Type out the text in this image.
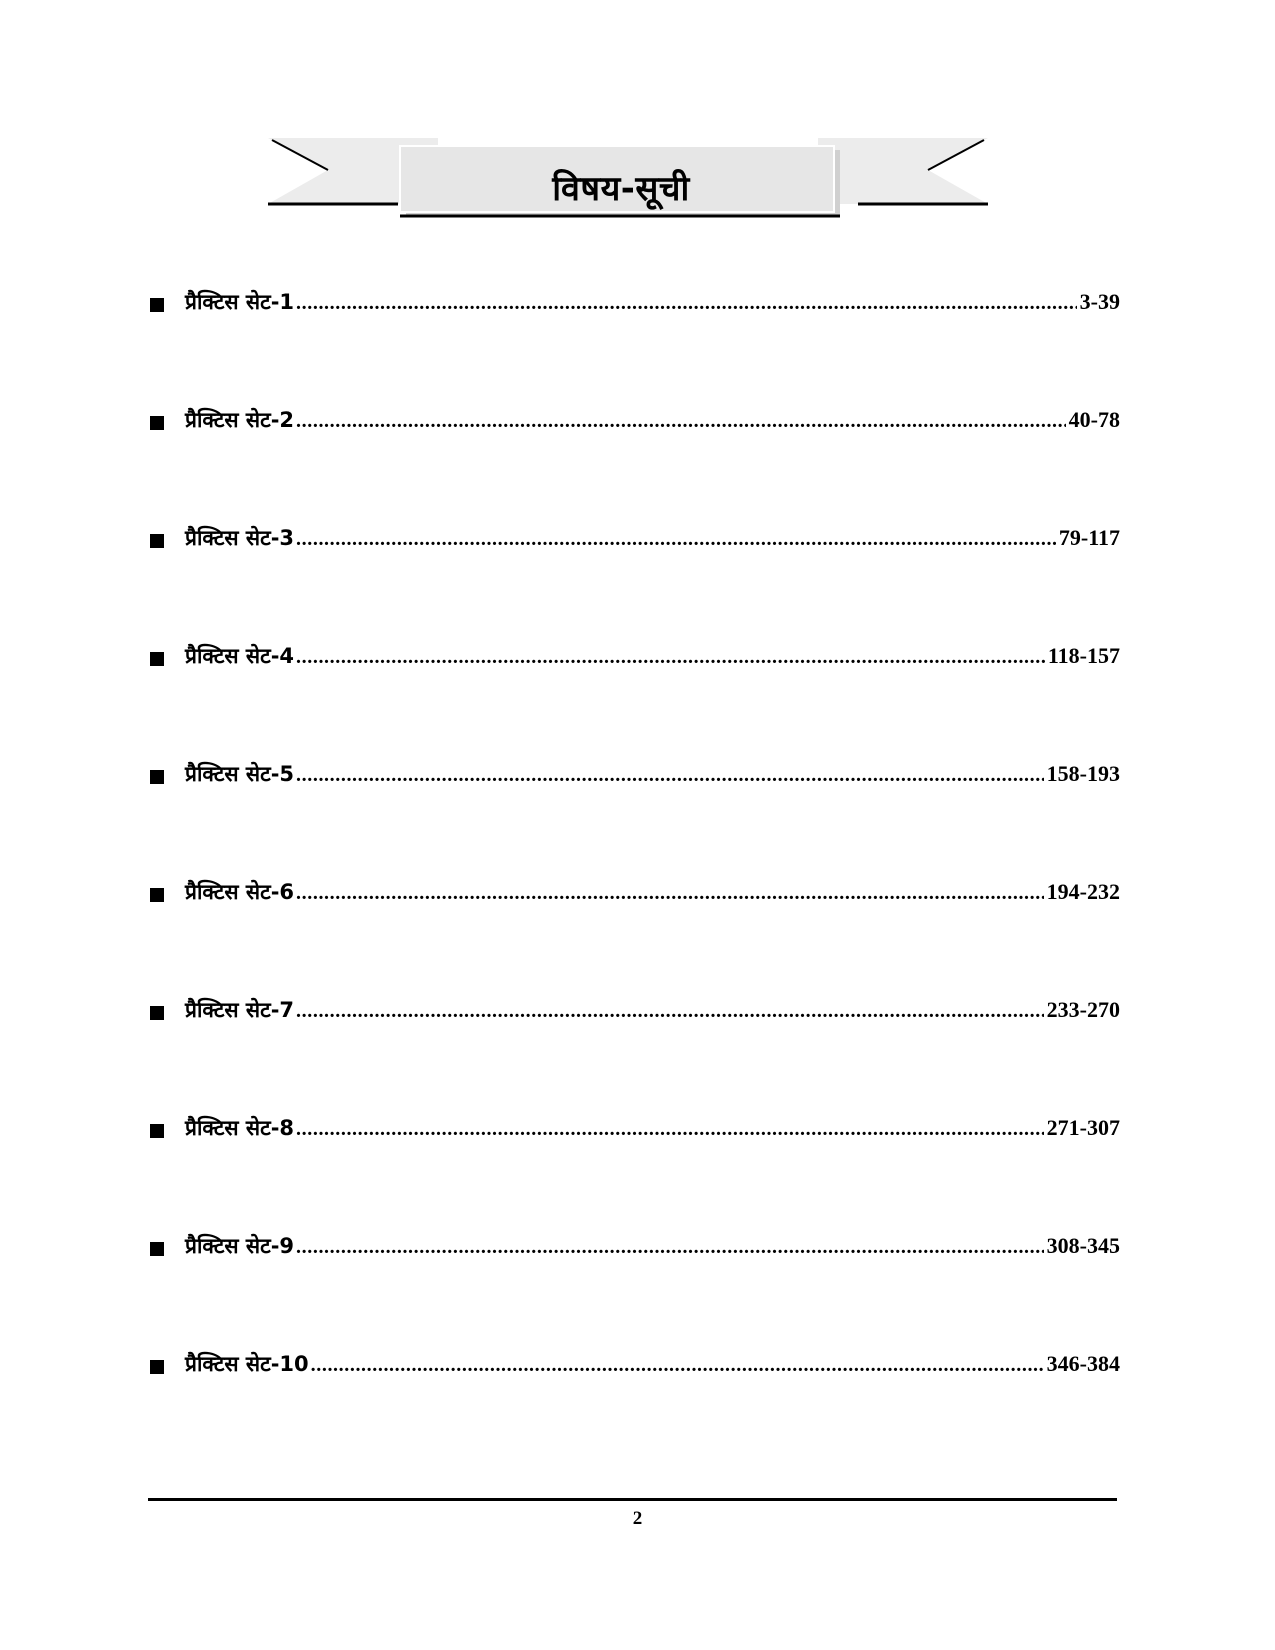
विषय-सूची
प्रैक्टिस सेट-1 .....	3-39
प्रैक्टिस सेट-2 .....	40-78
प्रैक्टिस सेट-3 .....	79-117
प्रैक्टिस सेट-4 .....	118-157
प्रैक्टिस सेट-5 .....	158-193
प्रैक्टिस सेट-6 .....	194-232
प्रैक्टिस सेट-7 .....	233-270
प्रैक्टिस सेट-8 .....	271-307
प्रैक्टिस सेट-9 .....	308-345
प्रैक्टिस सेट-10 .....	346-384
2
